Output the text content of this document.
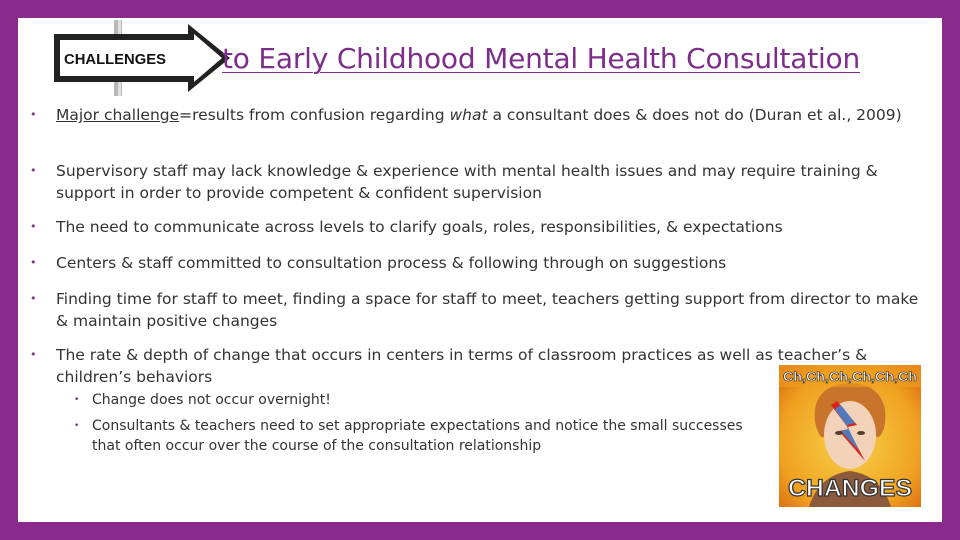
CHALLENGES to Early Childhood Mental Health Consultation
• Major challenge=results from confusion regarding what a consultant does & does not do (Duran et al., 2009)
• Supervisory staff may lack knowledge & experience with mental health issues and may require training & support in order to provide competent & confident supervision
• The need to communicate across levels to clarify goals, roles, responsibilities, & expectations
• Centers & staff committed to consultation process & following through on suggestions
• Finding time for staff to meet, finding a space for staff to meet, teachers getting support from director to make & maintain positive changes
• The rate & depth of change that occurs in centers in terms of classroom practices as well as teacher’s & children’s behaviors
• Change does not occur overnight!
• Consultants & teachers need to set appropriate expectations and notice the small successes that often occur over the course of the consultation relationship
Ch,Ch,Ch,Ch,Ch,Ch
CHANGES
